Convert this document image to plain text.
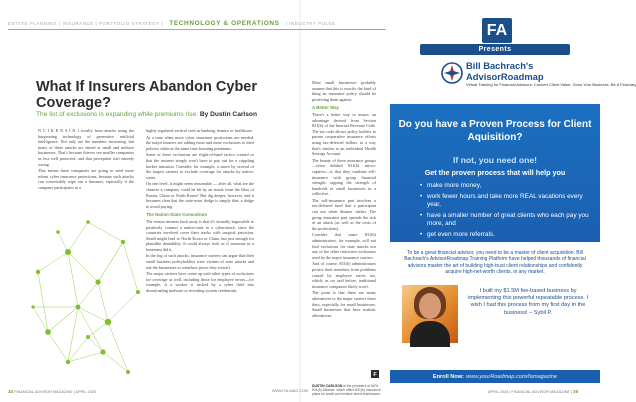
ESTATE PLANNING | INSURANCE | PORTFOLIO STRATEGY | TECHNOLOGY & OPERATIONS | INDUSTRY PULSE
What If Insurers Abandon Cyber Coverage?
The list of exclusions is expanding while premiums rise. By Dustin Carlson

N C I K E N S I N 1 ncially from attacks using the burgeoning technology of generative artificial intelligence. Not only are the numbers increasing, but many of these attacks are aimed at small and midsize businesses. That's because thieves see smaller companies as less well protected, and that perception isn't entirely wrong.

That means these companies are going to need more robust cyber insurance protections, because such attacks can conceivably wipe out a business, especially if the company participates in a

highly regulated vertical such as banking, finance or healthcare.

At a time when more cyber insurance protections are needed, the major insurers are adding more and more exclusions to their policies while at the same time boosting premiums.

Some of these exclusions are slight-of-hand tactics created so that the insurers simply won't have to pay out for a crippling hacker intrusion. Consider, for example, a move by several of the largest carriers to exclude coverage for attacks by nation-states.

On one level, it might seem reasonable — after all, what are the chances a company could be hit by an attack from the likes of Russia, China or North Korea? But dig deeper, however, and it becomes clear that the state-actor dodge is simply that: a dodge to avoid paying.

The Nation-State Conundrum

The reason insurers back away is that it's virtually impossible to positively connect a nation-state to a cyberattack, since the countries involved cover their tracks with surgical precision. Small might lead to North Korea or China, but just enough for plausible deniability. It could always look as if someone in a basement did it.

In the fog of such attacks, insurance carriers can argue that their small business policyholders were victims of state attacks and ask the businesses to somehow prove they weren't.

The major carriers have come up with other types of exclusions for coverage as well, including those for employee errors—for example, if a worker is tricked by a cyber thief into downloading malware or revealing system credentials.

Most small businesses probably assume that this is exactly the kind of thing an insurance policy should be protecting them against.

A Better Way

There's a better way to insure, an advantage derived from Section 831(b) of the Internal Revenue Code. The tax code allows policy holders to pursue cooperative insurance efforts using tax-deferred dollars, in a way that's similar to an individual Health Savings Account.

The beauty of these insurance groups—often dubbed 831(b) micro-captives—is that they combine self-insurance with group financial strength, tapping the strength of hundreds of small businesses in a collective.

The self-insurance part involves a tax-deferred fund that a participant can use when disaster strikes. The group insurance part spreads the risk of an attack (as well as the costs of the protections).

Consider that some 831(b) administrators, for example, will not find exclusions for state attacks nor any of the other restrictive exclusions used by the major insurance carriers.

And of course, 831(b) administrators protect their members from problems caused by employee errors too, which, as we said before, traditional insurance companies likely won't.

The point is that there are many alternatives to the major carriers these days, especially for small businesses. Small businesses that have realistic alternatives.

F
DUSTIN CARLSON is the president of IAFA 831(b) Alliance, which offers 831(b) insurance plans for small and midsize sized businesses.
34 FINANCIAL ADVISOR MAGAZINE | APRIL 2025	WWW.FA-MAG.COM	APRIL 2025 | FINANCIAL ADVISOR MAGAZINE | 35
FA
Presents
Bill Bachrach's
AdvisorRoadmap
Virtual Training for Financial Advisors: Convert Client Value, Grow Your Business, Be A Fiduciary
Do you have a Proven Process for Client Aquisition?
If not, you need one!
Get the proven process that will help you
• make more money,
• work fewer hours and take more REAL vacations every year,
• have a smaller number of great clients who each pay you more, and
• get even more referrals.
To be a great financial advisor, you need to be a master of client acquisition. Bill Bachrach's AdvisorRoadmap Training Platform have helped thousands of financial advisors master the art of building high-trust client relationships and confidently acquire high-net-worth clients, in any market.
I built my $1.5M fee-based business by implementing this powerful repeatable process. I wish I had this process from my first day in the business! – Sybil P.
Enroll Now: www.yourRoadmap.com/famagazine
